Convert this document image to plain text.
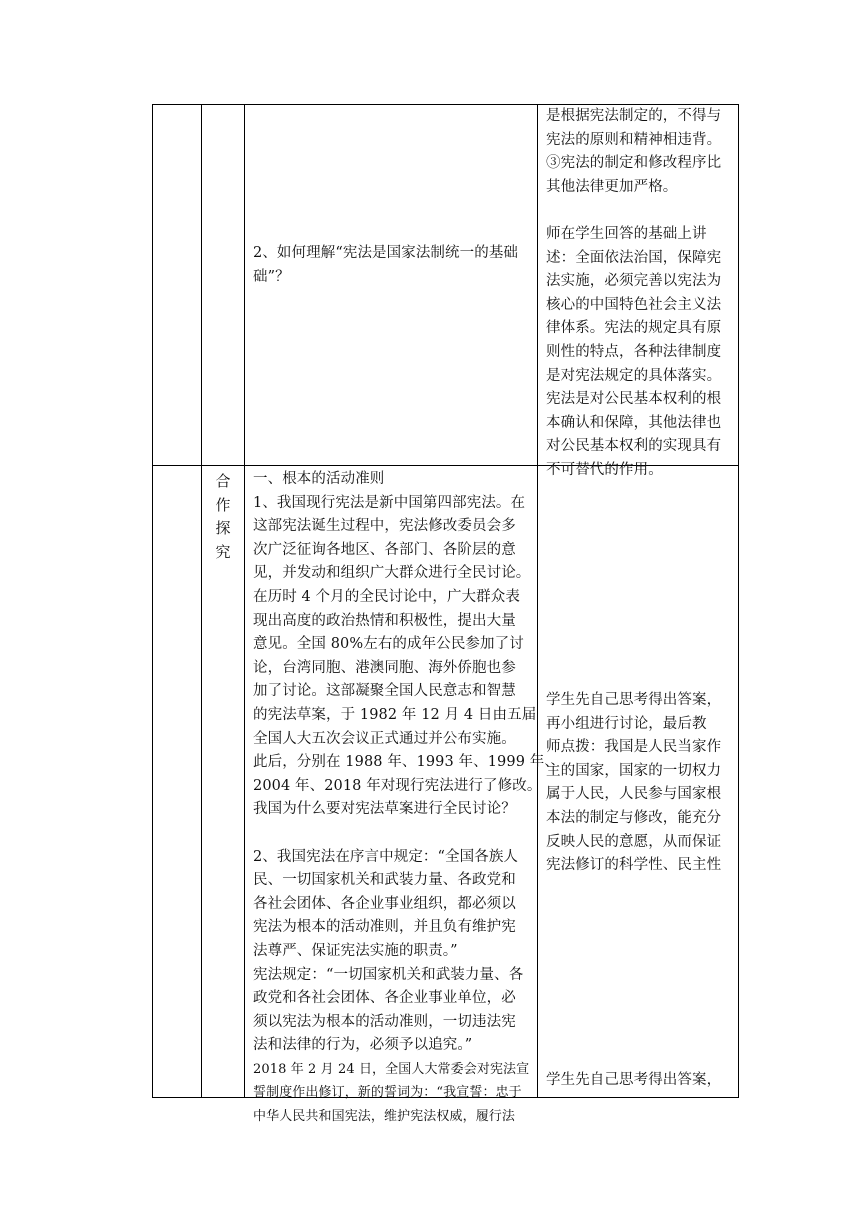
2、如何理解“宪法是国家法制统一的基础
础”？
是根据宪法制定的，不得与
宪法的原则和精神相违背。
③宪法的制定和修改程序比
其他法律更加严格。
师在学生回答的基础上讲
述：全面依法治国，保障宪
法实施，必须完善以宪法为
核心的中国特色社会主义法
律体系。宪法的规定具有原
则性的特点，各种法律制度
是对宪法规定的具体落实。
宪法是对公民基本权利的根
本确认和保障，其他法律也
对公民基本权利的实现具有
不可替代的作用。
合
作
探
究
一、根本的活动准则
1、我国现行宪法是新中国第四部宪法。在
这部宪法诞生过程中，宪法修改委员会多
次广泛征询各地区、各部门、各阶层的意
见，并发动和组织广大群众进行全民讨论。
在历时 4 个月的全民讨论中，广大群众表
现出高度的政治热情和积极性，提出大量
意见。全国 80%左右的成年公民参加了讨
论，台湾同胞、港澳同胞、海外侨胞也参
加了讨论。这部凝聚全国人民意志和智慧
的宪法草案，于 1982 年 12 月 4 日由五届
全国人大五次会议正式通过并公布实施。
此后，分别在 1988 年、1993 年、1999 年、
2004 年、2018 年对现行宪法进行了修改。
我国为什么要对宪法草案进行全民讨论？
2、我国宪法在序言中规定：“全国各族人
民、一切国家机关和武装力量、各政党和
各社会团体、各企业事业组织，都必须以
宪法为根本的活动准则，并且负有维护宪
法尊严、保证宪法实施的职责。”
宪法规定：“一切国家机关和武装力量、各
政党和各社会团体、各企业事业单位，必
须以宪法为根本的活动准则，一切违法宪
法和法律的行为，必须予以追究。”
2018 年 2 月 24 日，全国人大常委会对宪法宣
誓制度作出修订，新的誓词为：“我宣誓：忠于
中华人民共和国宪法，维护宪法权威，履行法
学生先自己思考得出答案，
再小组进行讨论，最后教
师点拨：我国是人民当家作
主的国家，国家的一切权力
属于人民，人民参与国家根
本法的制定与修改，能充分
反映人民的意愿，从而保证
宪法修订的科学性、民主性
学生先自己思考得出答案，
